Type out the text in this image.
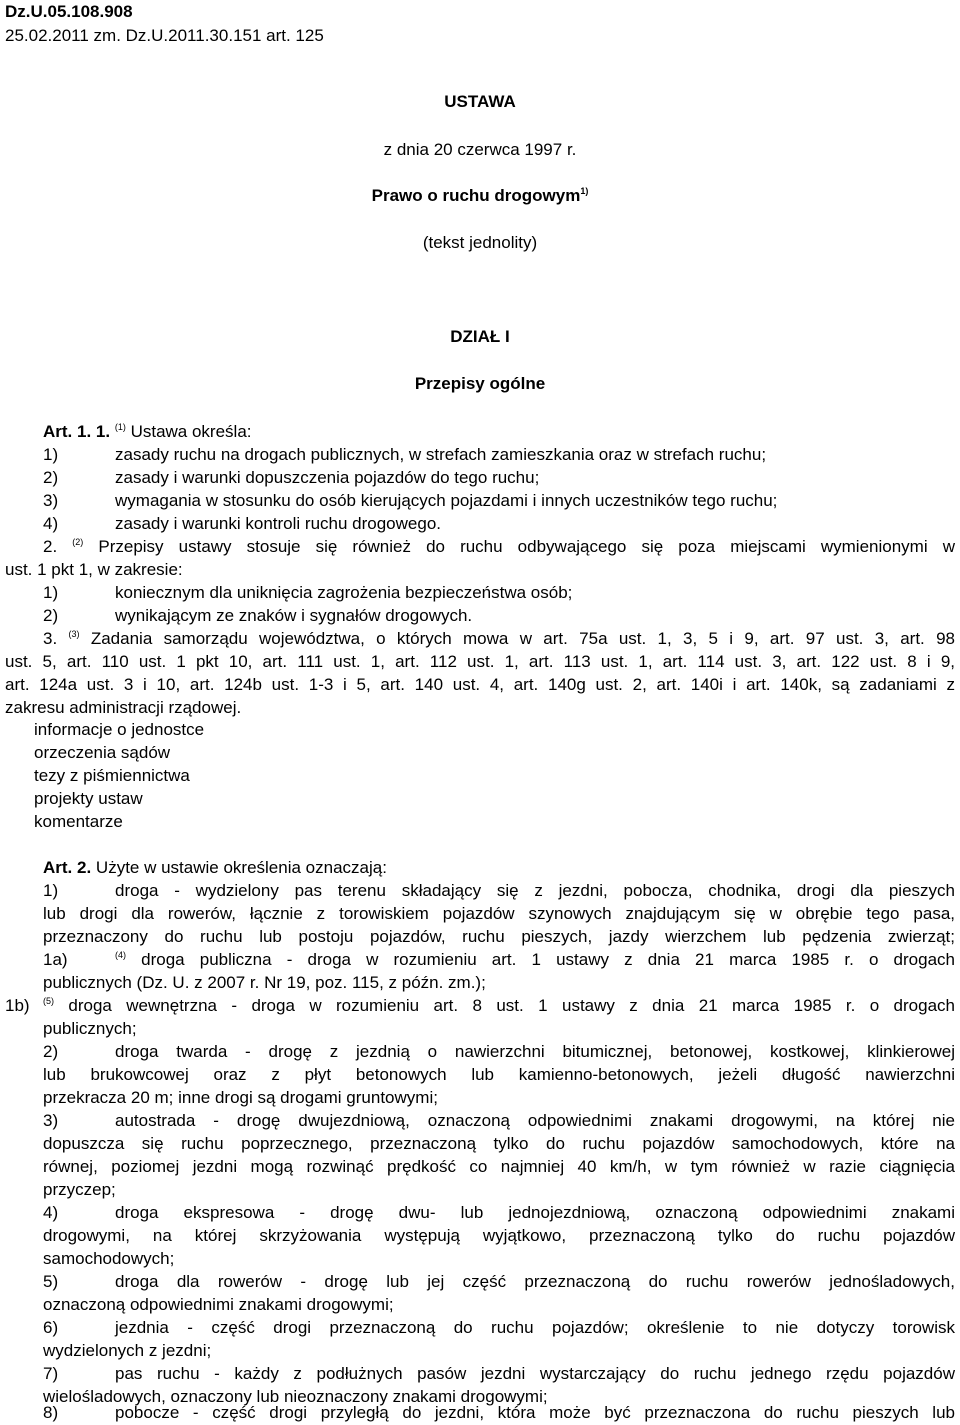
Dz.U.05.108.908
25.02.2011 zm. Dz.U.2011.30.151 art. 125
USTAWA
z dnia 20 czerwca 1997 r.
Prawo o ruchu drogowym$^{1)}$
(tekst jednolity)
DZIAŁ I
Przepisy ogólne
Art. 1. 1. $^{(1)}$ Ustawa określa:
1)	zasady ruchu na drogach publicznych, w strefach zamieszkania oraz w strefach ruchu;
2)	zasady i warunki dopuszczenia pojazdów do tego ruchu;
3)	wymagania w stosunku do osób kierujących pojazdami i innych uczestników tego ruchu;
4)	zasady i warunki kontroli ruchu drogowego.
2. $^{(2)}$ Przepisy ustawy stosuje się również do ruchu odbywającego się poza miejscami wymienionymi w
ust. 1 pkt 1, w zakresie:
1)	koniecznym dla uniknięcia zagrożenia bezpieczeństwa osób;
2)	wynikającym ze znaków i sygnałów drogowych.
3. $^{(3)}$ Zadania samorządu województwa, o których mowa w art. 75a ust. 1, 3, 5 i 9, art. 97 ust. 3, art. 98
ust. 5, art. 110 ust. 1 pkt 10, art. 111 ust. 1, art. 112 ust. 1, art. 113 ust. 1, art. 114 ust. 3, art. 122 ust. 8 i 9,
art. 124a ust. 3 i 10, art. 124b ust. 1-3 i 5, art. 140 ust. 4, art. 140g ust. 2, art. 140i i art. 140k, są zadaniami z
zakresu administracji rządowej.
informacje o jednostce
orzeczenia sądów
tezy z piśmiennictwa
projekty ustaw
komentarze
Art. 2. Użyte w ustawie określenia oznaczają:
1)	droga - wydzielony pas terenu składający się z jezdni, pobocza, chodnika, drogi dla pieszych
lub drogi dla rowerów, łącznie z torowiskiem pojazdów szynowych znajdującym się w obrębie tego pasa,
przeznaczony do ruchu lub postoju pojazdów, ruchu pieszych, jazdy wierzchem lub pędzenia zwierząt;
1a)	$^{(4)}$ droga publiczna - droga w rozumieniu art. 1 ustawy z dnia 21 marca 1985 r. o drogach
publicznych (Dz. U. z 2007 r. Nr 19, poz. 115, z późn. zm.);
1b) $^{(5)}$ droga wewnętrzna - droga w rozumieniu art. 8 ust. 1 ustawy z dnia 21 marca 1985 r. o drogach
publicznych;
2)	droga twarda - drogę z jezdnią o nawierzchni bitumicznej, betonowej, kostkowej, klinkierowej
lub brukowcowej oraz z płyt betonowych lub kamienno-betonowych, jeżeli długość nawierzchni
przekracza 20 m; inne drogi są drogami gruntowymi;
3)	autostrada - drogę dwujezdniową, oznaczoną odpowiednimi znakami drogowymi, na której nie
dopuszcza się ruchu poprzecznego, przeznaczoną tylko do ruchu pojazdów samochodowych, które na
równej, poziomej jezdni mogą rozwinąć prędkość co najmniej 40 km/h, w tym również w razie ciągnięcia
przyczep;
4)	droga ekspresowa - drogę dwu- lub jednojezdniową, oznaczoną odpowiednimi znakami
drogowymi, na której skrzyżowania występują wyjątkowo, przeznaczoną tylko do ruchu pojazdów
samochodowych;
5)	droga dla rowerów - drogę lub jej część przeznaczoną do ruchu rowerów jednośladowych,
oznaczoną odpowiednimi znakami drogowymi;
6)	jezdnia - część drogi przeznaczoną do ruchu pojazdów; określenie to nie dotyczy torowisk
wydzielonych z jezdni;
7)	pas ruchu - każdy z podłużnych pasów jezdni wystarczający do ruchu jednego rzędu pojazdów
wielośladowych, oznaczony lub nieoznaczony znakami drogowymi;
8)	pobocze - część drogi przyległą do jezdni, która może być przeznaczona do ruchu pieszych lub
